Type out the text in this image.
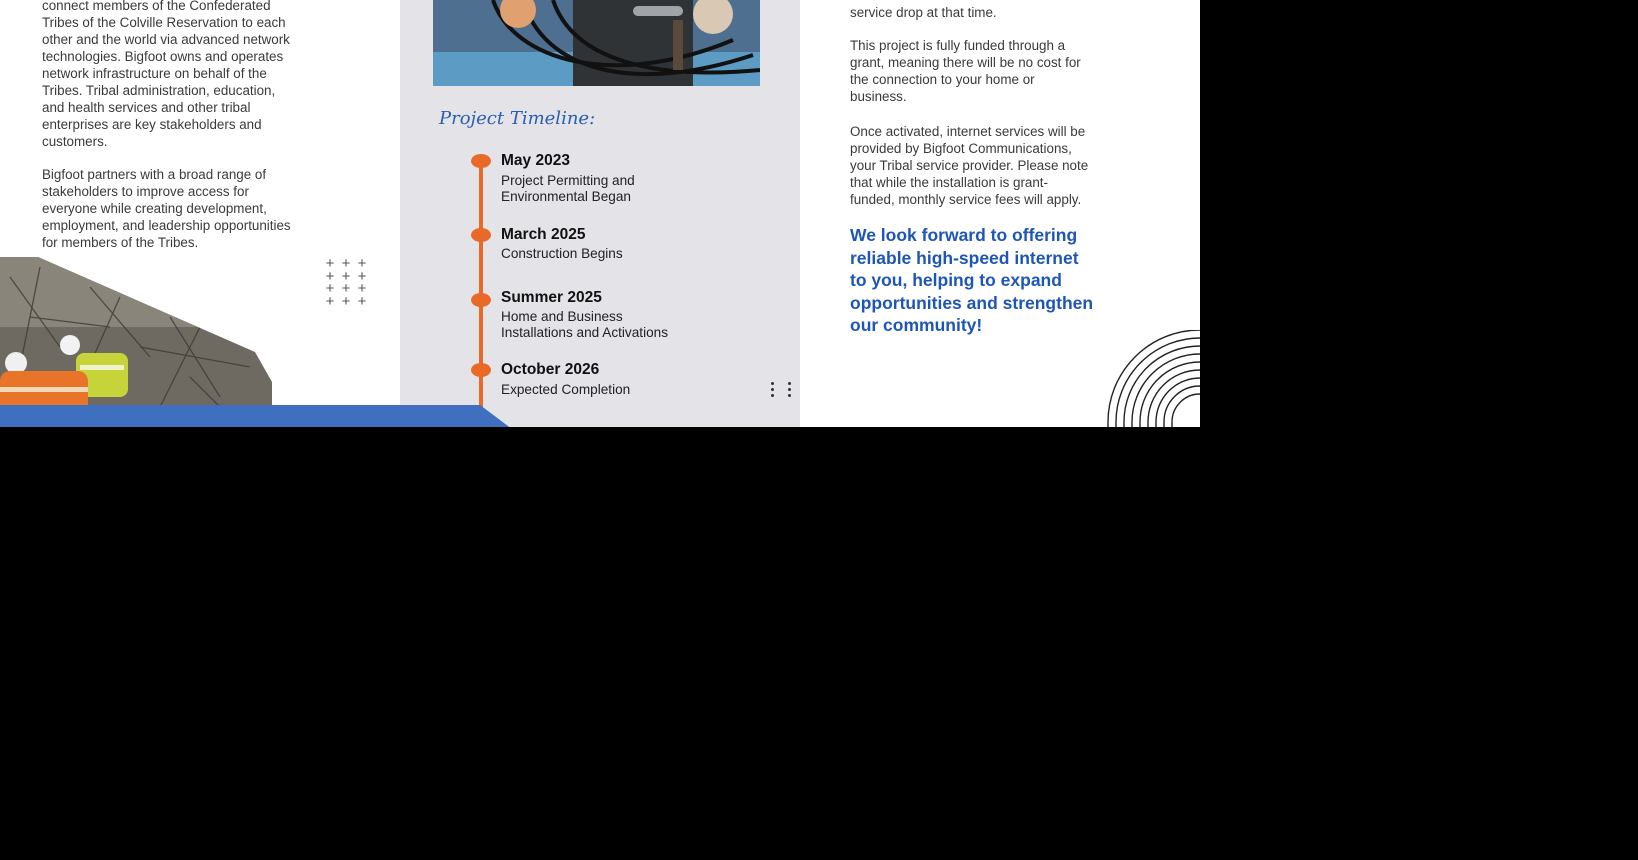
connect members of the Confederated
Tribes of the Colville Reservation to each
other and the world via advanced network
technologies. Bigfoot owns and operates
network infrastructure on behalf of the
Tribes. Tribal administration, education,
and health services and other tribal
enterprises are key stakeholders and
customers.

Bigfoot partners with a broad range of
stakeholders to improve access for
everyone while creating development,
employment, and leadership opportunities
for members of the Tribes.

+ + +
+ + +
+ + +
+ + +

Project Timeline:

May 2023

Project Permitting and
Environmental Began

March 2025

Construction Begins

Summer 2025

Home and Business
Installations and Activations

October 2026

Expected Completion

service drop at that time.

This project is fully funded through a
grant, meaning there will be no cost for
the connection to your home or
business.

Once activated, internet services will be
provided by Bigfoot Communications,
your Tribal service provider. Please note
that while the installation is grant-
funded, monthly service fees will apply.

We look forward to offering
reliable high-speed internet
to you, helping to expand
opportunities and strengthen
our community!
